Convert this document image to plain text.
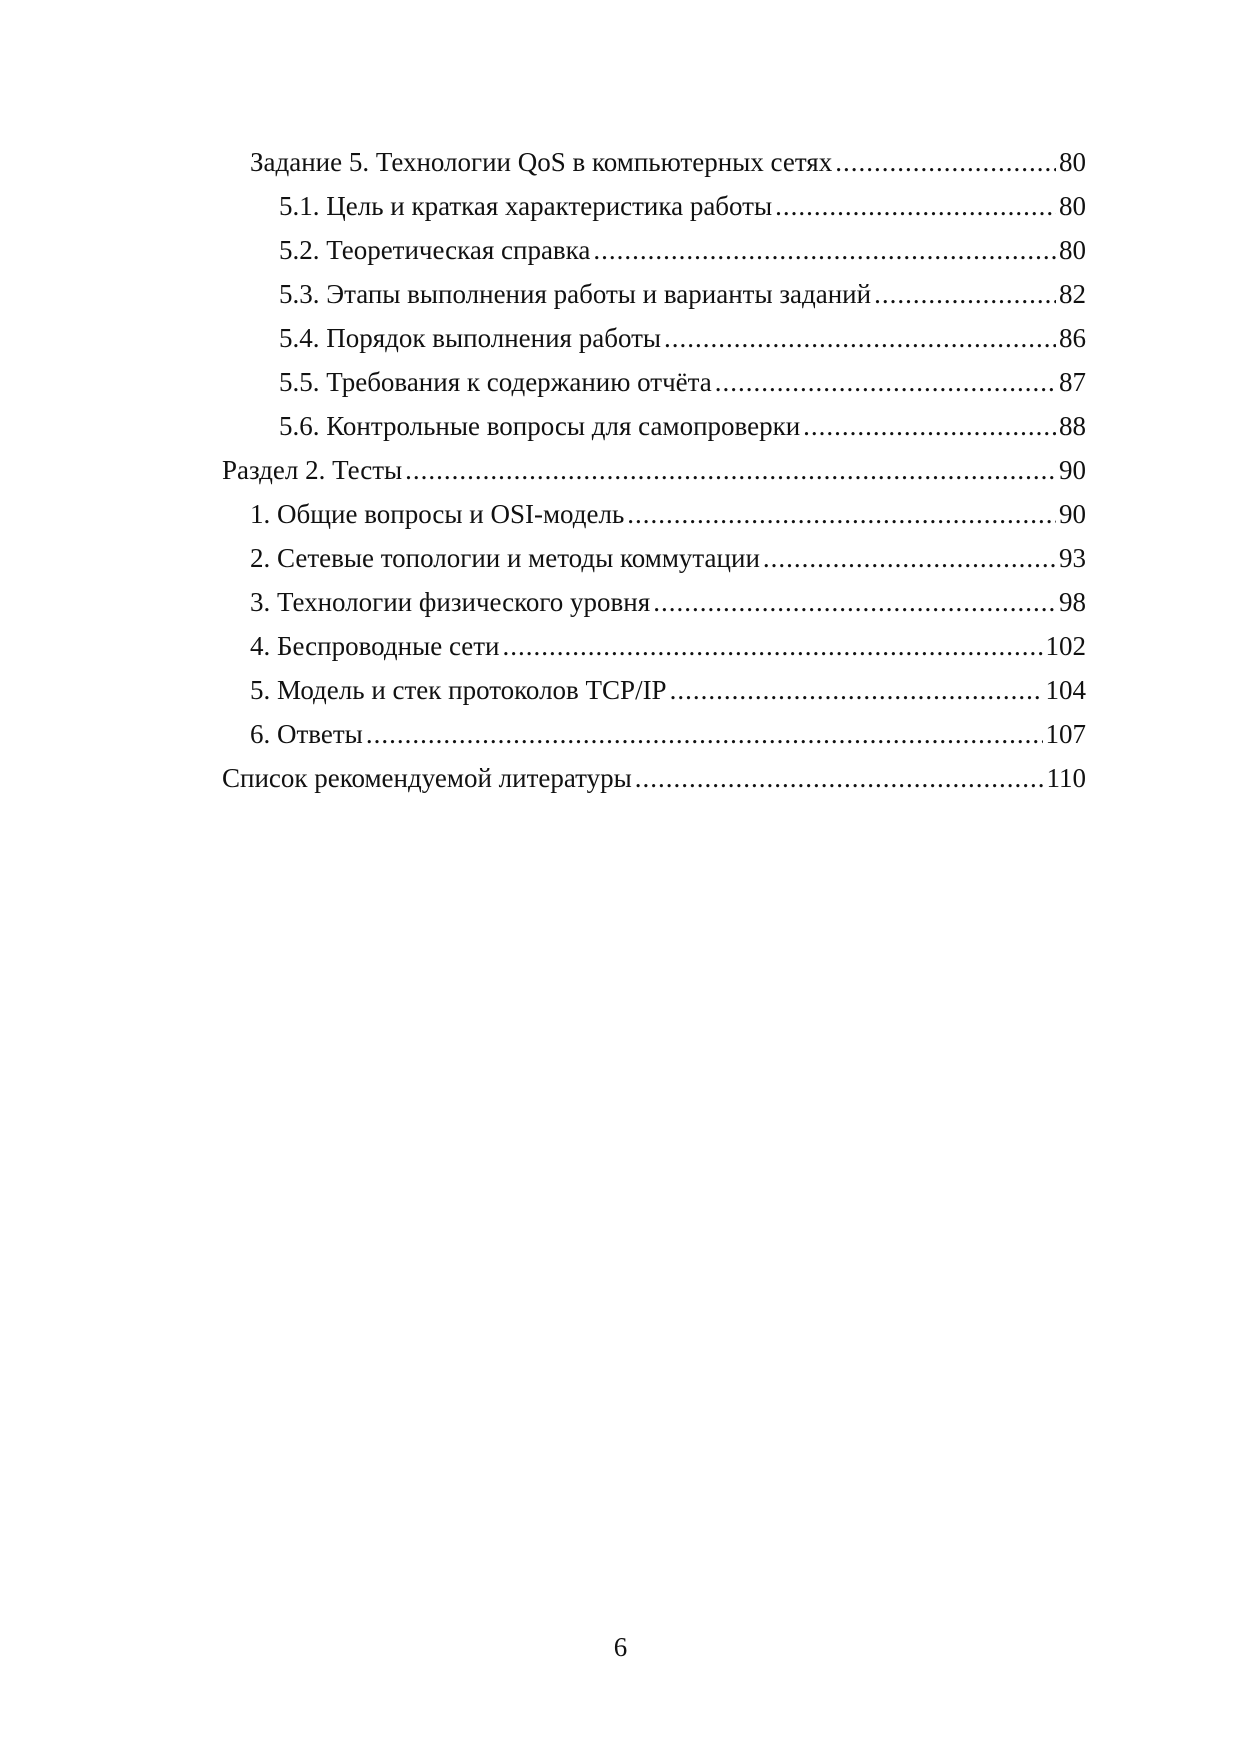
Задание 5. Технологии QoS в компьютерных сетях .....	80
5.1. Цель и краткая характеристика работы .....	80
5.2. Теоретическая справка .....	80
5.3. Этапы выполнения работы и варианты заданий .....	82
5.4. Порядок выполнения работы .....	86
5.5. Требования к содержанию отчёта .....	87
5.6. Контрольные вопросы для самопроверки .....	88
Раздел 2. Тесты .....	90
1. Общие вопросы и OSI-модель .....	90
2. Сетевые топологии и методы коммутации .....	93
3. Технологии физического уровня .....	98
4. Беспроводные сети .....	102
5. Модель и стек протоколов TCP/IP .....	104
6. Ответы .....	107
Список рекомендуемой литературы .....	110
6
